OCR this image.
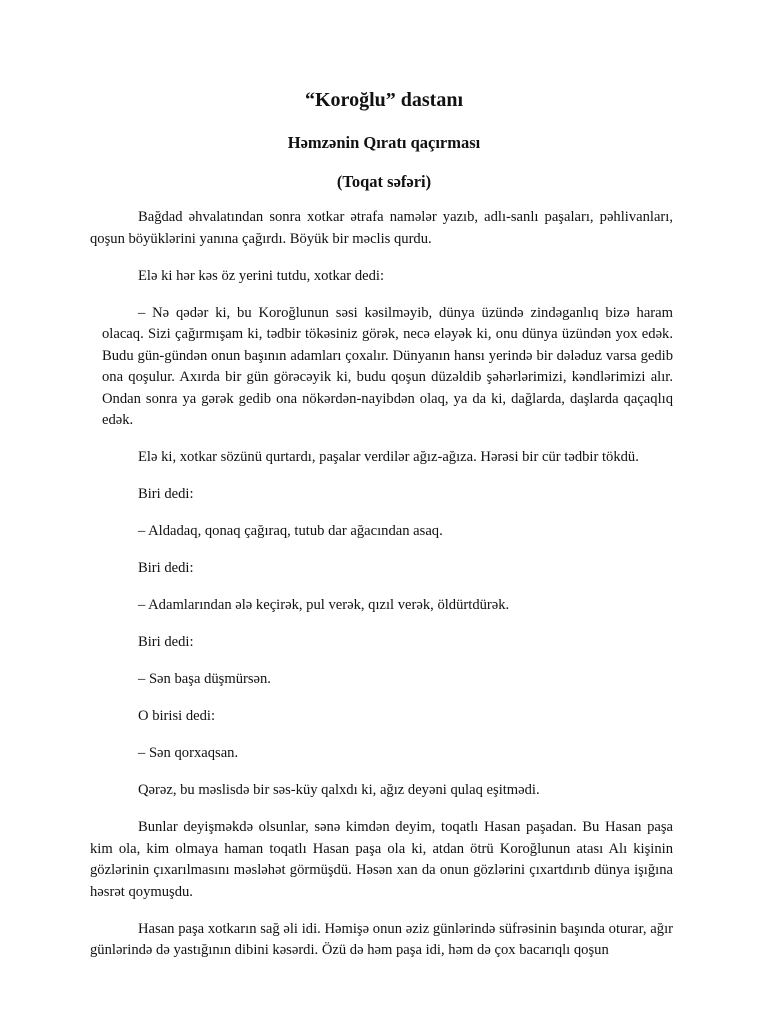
“Koroğlu” dastanı
Həmzənin Qıratı qaçırması
(Toqat səfəri)

Bağdad əhvalatından sonra xotkar ətrafa namələr yazıb, adlı-sanlı paşaları, pəhlivanları, qoşun böyüklərini yanına çağırdı. Böyük bir məclis qurdu.

Elə ki hər kəs öz yerini tutdu, xotkar dedi:

– Nə qədər ki, bu Koroğlunun səsi kəsilməyib, dünya üzündə zindəganlıq bizə haram olacaq. Sizi çağırmışam ki, tədbir tökəsiniz görək, necə eləyək ki, onu dünya üzündən yox edək. Budu gün-gündən onun başının adamları çoxalır. Dünyanın hansı yerində bir dələduz varsa gedib ona qoşulur. Axırda bir gün görəcəyik ki, budu qoşun düzəldib şəhərlərimizi, kəndlərimizi alır. Ondan sonra ya gərək gedib ona nökərdən-nayibdən olaq, ya da ki, dağlarda, daşlarda qaçaqlıq edək.

Elə ki, xotkar sözünü qurtardı, paşalar verdilər ağız-ağıza. Hərəsi bir cür tədbir tökdü.

Biri dedi:

– Aldadaq, qonaq çağıraq, tutub dar ağacından asaq.

Biri dedi:

– Adamlarından ələ keçirək, pul verək, qızıl verək, öldürtdürək.

Biri dedi:

– Sən başa düşmürsən.

O birisi dedi:

– Sən qorxaqsan.

Qərəz, bu məslisdə bir səs-küy qalxdı ki, ağız deyəni qulaq eşitmədi.

Bunlar deyişməkdə olsunlar, sənə kimdən deyim, toqatlı Hasan paşadan. Bu Hasan paşa kim ola, kim olmaya haman toqatlı Hasan paşa ola ki, atdan ötrü Koroğlunun atası Alı kişinin gözlərinin çıxarılmasını məsləhət görmüşdü. Həsən xan da onun gözlərini çıxartdırıb dünya işığına həsrət qoymuşdu.

Hasan paşa xotkarın sağ əli idi. Həmişə onun əziz günlərində süfrəsinin başında oturar, ağır günlərində də yastığının dibini kəsərdi. Özü də həm paşa idi, həm də çox bacarıqlı qoşun
